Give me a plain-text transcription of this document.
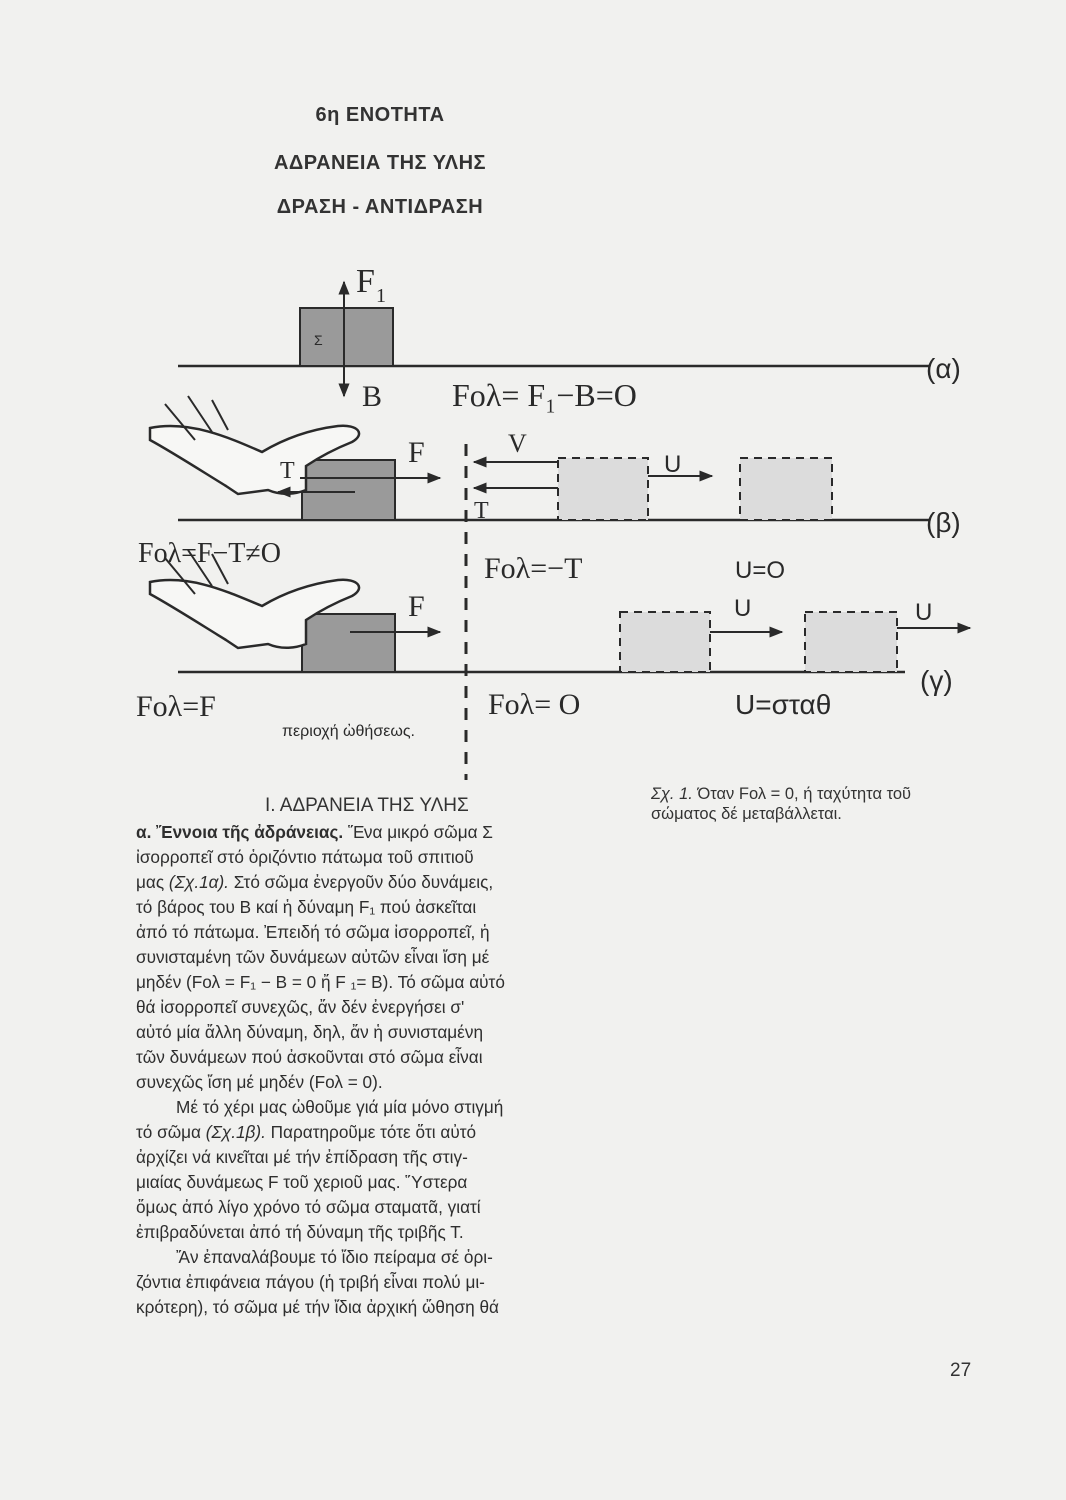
6η ΕΝΟΤΗΤΑ
ΑΔΡΑΝΕΙΑ ΤΗΣ ΥΛΗΣ
ΔΡΑΣΗ - ΑΝΤΙΔΡΑΣΗ
Σ
F 1
B Fολ= F₁−B=O
(α)
F
T
Foλ=F−T≠O
V
T
U
Foλ=−T	U=O
(β)
F
Foλ=F
περιοχή ὠθήσεως.
Foλ= O
U	U
U=σταθ
(γ)
Ι. ΑΔΡΑΝΕΙΑ ΤΗΣ ΥΛΗΣ
Σχ. 1. Όταν Fολ = 0, ή ταχύτητα τοῦ σώματος δέ μεταβάλλεται.
α. Ἔννοια τῆς ἀδράνειας. Ἕνα μικρό σῶμα Σ
ἰσορροπεῖ στό ὁριζόντιο πάτωμα τοῦ σπιτιοῦ
μας (Σχ.1α). Στό σῶμα ἐνεργοῦν δύο δυνάμεις,
τό βάρος του Β καί ἡ δύναμη F₁ πού ἀσκεῖται
ἀπό τό πάτωμα. Ἐπειδή τό σῶμα ἰσορροπεῖ, ἡ
συνισταμένη τῶν δυνάμεων αὐτῶν εἶναι ἴση μέ
μηδέν (Fολ = F₁ − Β = 0 ἤ F ₁= Β). Τό σῶμα αὐτό
θά ἰσορροπεῖ συνεχῶς, ἄν δέν ἐνεργήσει σ'
αὐτό μία ἄλλη δύναμη, δηλ, ἄν ἡ συνισταμένη
τῶν δυνάμεων πού ἀσκοῦνται στό σῶμα εἶναι
συνεχῶς ἴση μέ μηδέν (Fολ = 0).
Μέ τό χέρι μας ὠθοῦμε γιά μία μόνο στιγμή
τό σῶμα (Σχ.1β). Παρατηροῦμε τότε ὅτι αὐτό
ἀρχίζει νά κινεῖται μέ τήν ἐπίδραση τῆς στιγ-
μιαίας δυνάμεως F τοῦ χεριοῦ μας. Ὕστερα
ὅμως ἀπό λίγο χρόνο τό σῶμα σταματᾶ, γιατί
ἐπιβραδύνεται ἀπό τή δύναμη τῆς τριβῆς Τ.
Ἄν ἐπαναλάβουμε τό ἴδιο πείραμα σέ ὁρι-
ζόντια ἐπιφάνεια πάγου (ἡ τριβή εἶναι πολύ μι-
κρότερη), τό σῶμα μέ τήν ἴδια ἀρχική ὤθηση θά
27
